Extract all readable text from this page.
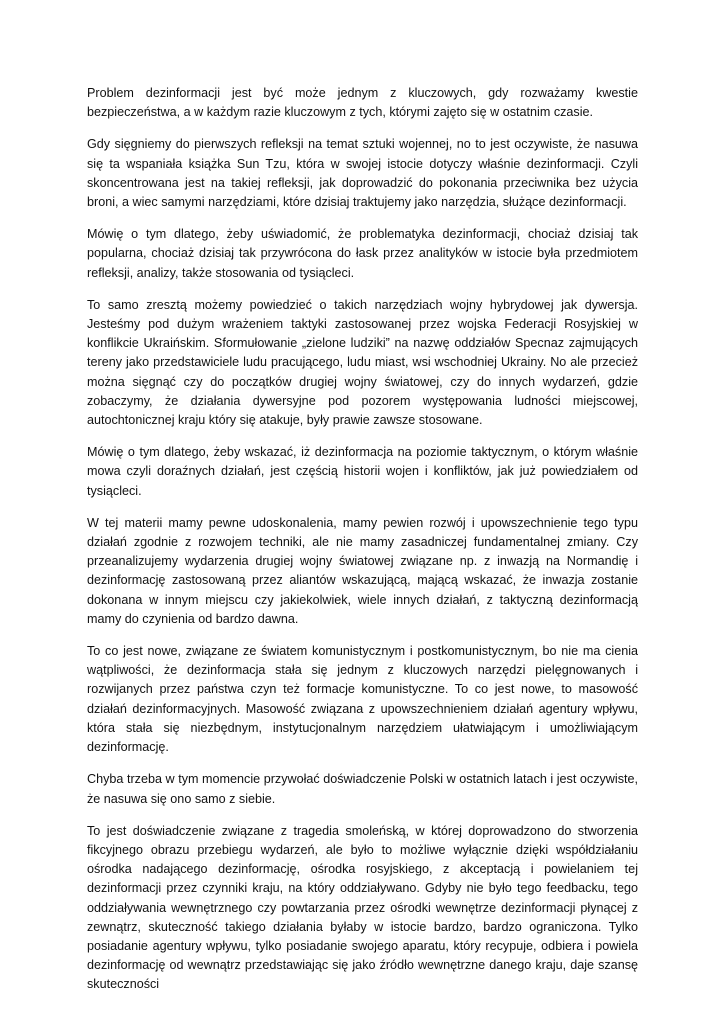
Problem dezinformacji jest być może jednym z kluczowych, gdy rozważamy kwestie bezpieczeństwa, a w każdym razie kluczowym z tych, którymi zajęto się w ostatnim czasie.

Gdy sięgniemy do pierwszych refleksji na temat sztuki wojennej, no to jest oczywiste, że nasuwa się ta wspaniała książka Sun Tzu, która w swojej istocie dotyczy właśnie dezinformacji. Czyli skoncentrowana jest na takiej refleksji, jak doprowadzić do pokonania przeciwnika bez użycia broni, a wiec samymi narzędziami, które dzisiaj traktujemy jako narzędzia, służące dezinformacji.

Mówię o tym dlatego, żeby uświadomić, że problematyka dezinformacji, chociaż dzisiaj tak popularna, chociaż dzisiaj tak przywrócona do łask przez analityków w istocie była przedmiotem refleksji, analizy, także stosowania od tysiącleci.

To samo zresztą możemy powiedzieć o takich narzędziach wojny hybrydowej jak dywersja. Jesteśmy pod dużym wrażeniem taktyki zastosowanej przez wojska Federacji Rosyjskiej w konflikcie Ukraińskim. Sformułowanie „zielone ludziki” na nazwę oddziałów Specnaz zajmujących tereny jako przedstawiciele ludu pracującego, ludu miast, wsi wschodniej Ukrainy. No ale przecież można sięgnąć czy do początków drugiej wojny światowej, czy do innych wydarzeń, gdzie zobaczymy, że działania dywersyjne pod pozorem występowania ludności miejscowej, autochtonicznej kraju który się atakuje, były prawie zawsze stosowane.

Mówię o tym dlatego, żeby wskazać, iż dezinformacja na poziomie taktycznym, o którym właśnie mowa czyli doraźnych działań, jest częścią historii wojen i konfliktów, jak już powiedziałem od tysiącleci.

W tej materii mamy pewne udoskonalenia, mamy pewien rozwój i upowszechnienie tego typu działań zgodnie z rozwojem techniki, ale nie mamy zasadniczej fundamentalnej zmiany. Czy przeanalizujemy wydarzenia drugiej wojny światowej związane np. z inwazją na Normandię i dezinformację zastosowaną przez aliantów wskazującą, mającą wskazać, że inwazja zostanie dokonana w innym miejscu czy jakiekolwiek, wiele innych działań, z taktyczną dezinformacją mamy do czynienia od bardzo dawna.

To co jest nowe, związane ze światem komunistycznym i postkomunistycznym, bo nie ma cienia wątpliwości, że dezinformacja stała się jednym z kluczowych narzędzi pielęgnowanych i rozwijanych przez państwa czyn też formacje komunistyczne. To co jest nowe, to masowość działań dezinformacyjnych. Masowość związana z upowszechnieniem działań agentury wpływu, która stała się niezbędnym, instytucjonalnym narzędziem ułatwiającym i umożliwiającym dezinformację.

Chyba trzeba w tym momencie przywołać doświadczenie Polski w ostatnich latach i jest oczywiste, że nasuwa się ono samo z siebie.

To jest doświadczenie związane z tragedia smoleńską, w której doprowadzono do stworzenia fikcyjnego obrazu przebiegu wydarzeń, ale było to możliwe wyłącznie dzięki współdziałaniu ośrodka nadającego dezinformację, ośrodka rosyjskiego, z akceptacją i powielaniem tej dezinformacji przez czynniki kraju, na który oddziaływano. Gdyby nie było tego feedbacku, tego oddziaływania wewnętrznego czy powtarzania przez ośrodki wewnętrze dezinformacji płynącej z zewnątrz, skuteczność takiego działania byłaby w istocie bardzo, bardzo ograniczona. Tylko posiadanie agentury wpływu, tylko posiadanie swojego aparatu, który recypuje, odbiera i powiela dezinformację od wewnątrz przedstawiając się jako źródło wewnętrzne danego kraju, daje szansę skuteczności
